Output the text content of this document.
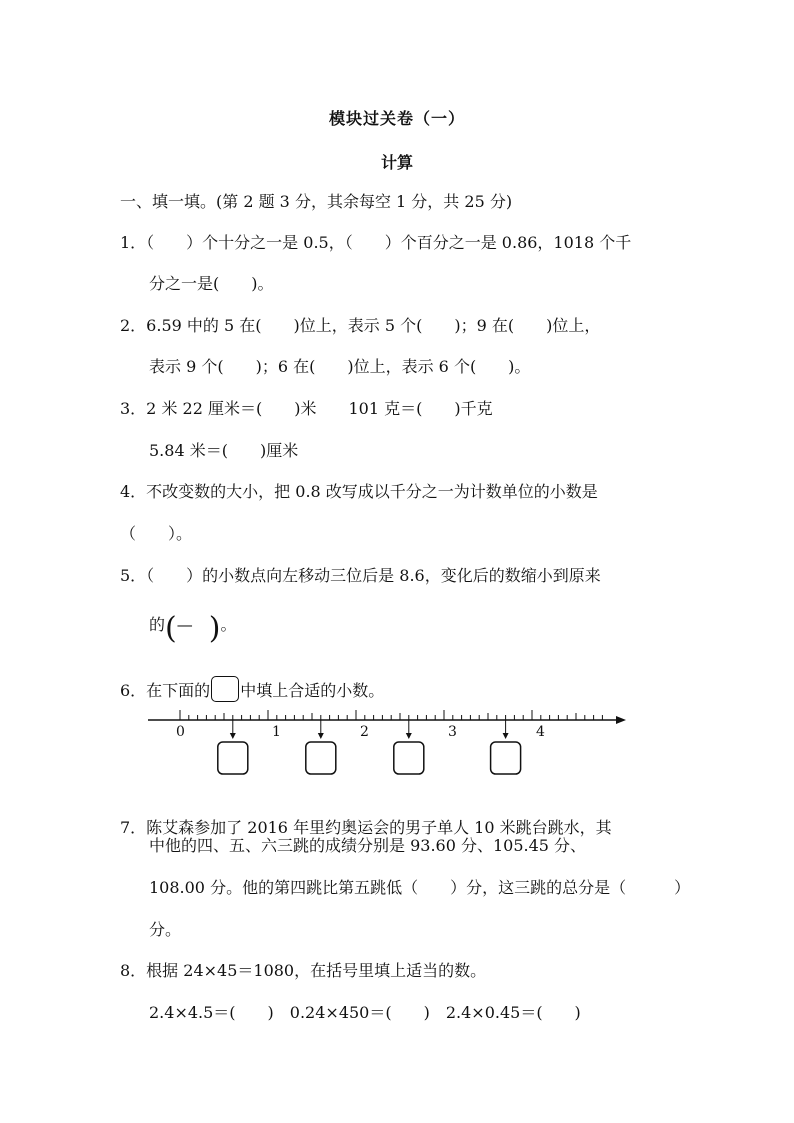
模块过关卷（一）
计算
一、填一填。(第 2 题 3 分，其余每空 1 分，共 25 分)
1．（　　）个十分之一是 0.5，（　　）个百分之一是 0.86，1018 个千
分之一是(　　)。
2．6.59 中的 5 在(　　)位上，表示 5 个(　　)；9 在(　　)位上，
表示 9 个(　　)；6 在(　　)位上，表示 6 个(　　)。
3．2 米 22 厘米＝(　　)米　　101 克＝(　　)千克
5.84 米＝(　　)厘米
4．不改变数的大小，把 0.8 改写成以千分之一为计数单位的小数是
（　　）。
5．（　　）的小数点向左移动三位后是 8.6，变化后的数缩小到原来
的(— )。
6．在下面的 中填上合适的小数。
0	1	2	3	4
7．陈艾森参加了 2016 年里约奥运会的男子单人 10 米跳台跳水，其
中他的四、五、六三跳的成绩分别是 93.60 分、105.45 分、
108.00 分。他的第四跳比第五跳低（　　）分，这三跳的总分是（　　　）
分。
8．根据 24×45＝1080，在括号里填上适当的数。
2.4×4.5＝(　　)　0.24×450＝(　　)　2.4×0.45＝(　　)
